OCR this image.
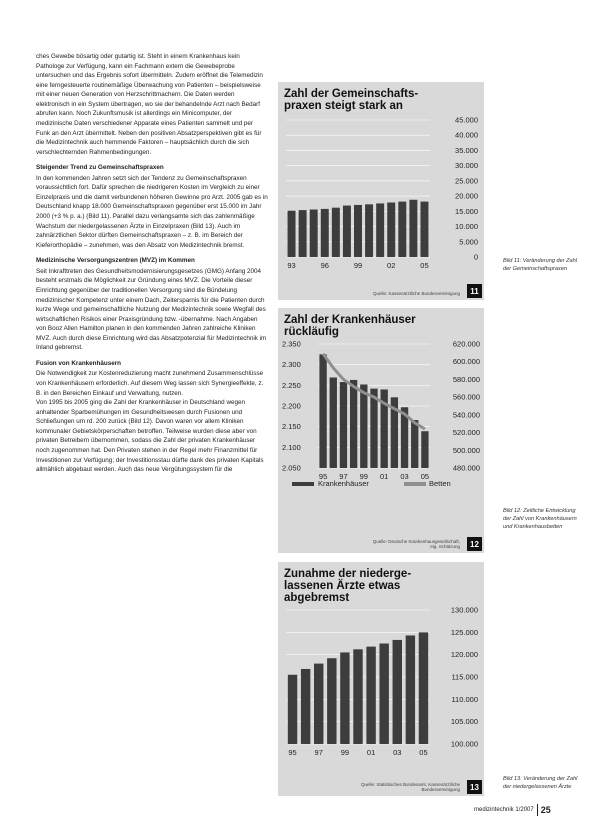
ches Gewebe bösartig oder gutartig ist. Steht in einem Krankenhaus kein Pathologe zur Verfügung, kann ein Fachmann extern die Gewebeprobe untersuchen und das Ergebnis sofort übermitteln. Zudem eröffnet die Telemedizin eine ferngesteuerte routinemäßige Überwachung von Patienten – beispielsweise mit einer neuen Generation von Herzschrittmachern. Die Daten werden elektronisch in ein System übertragen, wo sie der behandelnde Arzt nach Bedarf abrufen kann. Noch Zukunftsmusik ist allerdings ein Minicomputer, der medizinische Daten verschiedener Apparate eines Patienten sammelt und per Funk an den Arzt übermittelt. Neben den positiven Absatzperspektiven gibt es für die Medizintechnik auch hemmende Faktoren – hauptsächlich durch die sich verschlechternden Rahmenbedingungen.

Steigender Trend zu Gemeinschaftspraxen

In den kommenden Jahren setzt sich der Tendenz zu Gemeinschaftspraxen voraussichtlich fort. Dafür sprechen die niedrigeren Kosten im Vergleich zu einer Einzelpraxis und die damit verbundenen höheren Gewinne pro Arzt. 2005 gab es in Deutschland knapp 18.000 Gemeinschaftspraxen gegenüber erst 15.000 im Jahr 2000 (+3 % p. a.) (Bild 11). Parallel dazu verlangsamte sich das zahlenmäßige Wachstum der niedergelassenen Ärzte in Einzelpraxen (Bild 13). Auch im zahnärztlichen Sektor dürften Gemeinschaftspraxen – z. B. im Bereich der Kieferorthopädie – zunehmen, was den Absatz von Medizintechnik bremst.

Medizinische Versorgungszentren (MVZ) im Kommen

Seit Inkrafttreten des Gesundheitsmodernisierungsgesetzes (GMG) Anfang 2004 besteht erstmals die Möglichkeit zur Gründung eines MVZ. Die Vorteile dieser Einrichtung gegenüber der traditionellen Versorgung sind die Bündelung medizinischer Kompetenz unter einem Dach, Zeitersparnis für die Patienten durch kurze Wege und gemeinschaftliche Nutzung der Medizintechnik sowie Wegfall des wirtschaftlichen Risikos einer Praxisgründung bzw. -übernahme. Nach Angaben von Booz Allen Hamilton planen in den kommenden Jahren zahlreiche Kliniken MVZ. Auch durch diese Einrichtung wird das Absatzpotenzial für Medizintechnik im Inland gebremst.

Fusion von Krankenhäusern

Die Notwendigkeit zur Kostenreduzierung macht zunehmend Zusammenschlüsse von Krankenhäusern erforderlich. Auf diesem Weg lassen sich Synergieeffekte, z. B. in den Bereichen Einkauf und Verwaltung, nutzen.

Von 1995 bis 2005 ging die Zahl der Krankenhäuser in Deutschland wegen anhaltender Sparbemühungen im Gesundheitswesen durch Fusionen und Schließungen um rd. 200 zurück (Bild 12). Davon waren vor allem Kliniken kommunaler Gebietskörperschaften betroffen. Teilweise wurden diese aber von privaten Betreibern übernommen, sodass die Zahl der privaten Krankenhäuser noch zugenommen hat. Den Privaten stehen in der Regel mehr Finanzmittel für Investitionen zur Verfügung; der Investitionsstau dürfte dank des privaten Kapitals allmählich abgebaut werden. Auch das neue Vergütungssystem für die

Zahl der Gemeinschafts-
praxen steigt stark an
0
5.000
10.000
15.000
20.000
25.000
30.000
35.000
40.000
45.000
93	96	99	02	05
Quelle: Kassenärztliche Bundesvereinigung	11
Bild 11: Veränderung der Zahl der Gemeinschaftspraxen
Zahl der Krankenhäuser
rückläufig
2.050
2.100
2.150
2.200
2.250
2.300
2.350
95 97 99 01 03 05
480.000
500.000
520.000
540.000
560.000
580.000
600.000
620.000
Krankenhäuser	Betten
Quelle: Deutsche Krankenhausgesellschaft,
eig. Schätzung	12
Bild 12: Zeitliche Entwicklung der Zahl von Krankenhäusern und Krankenhausbetten
Zunahme der niederge-
lassenen Ärzte etwas
abgebremst
100.000
105.000
110.000
115.000
120.000
125.000
130.000
95 97 99 01 03 05
Quelle: Statistisches Bundesamt, Kassenärztliche
Bundesvereinigung	13
Bild 13: Veränderung der Zahl der niedergelassenen Ärzte
medizintechnik 1/2007 25
